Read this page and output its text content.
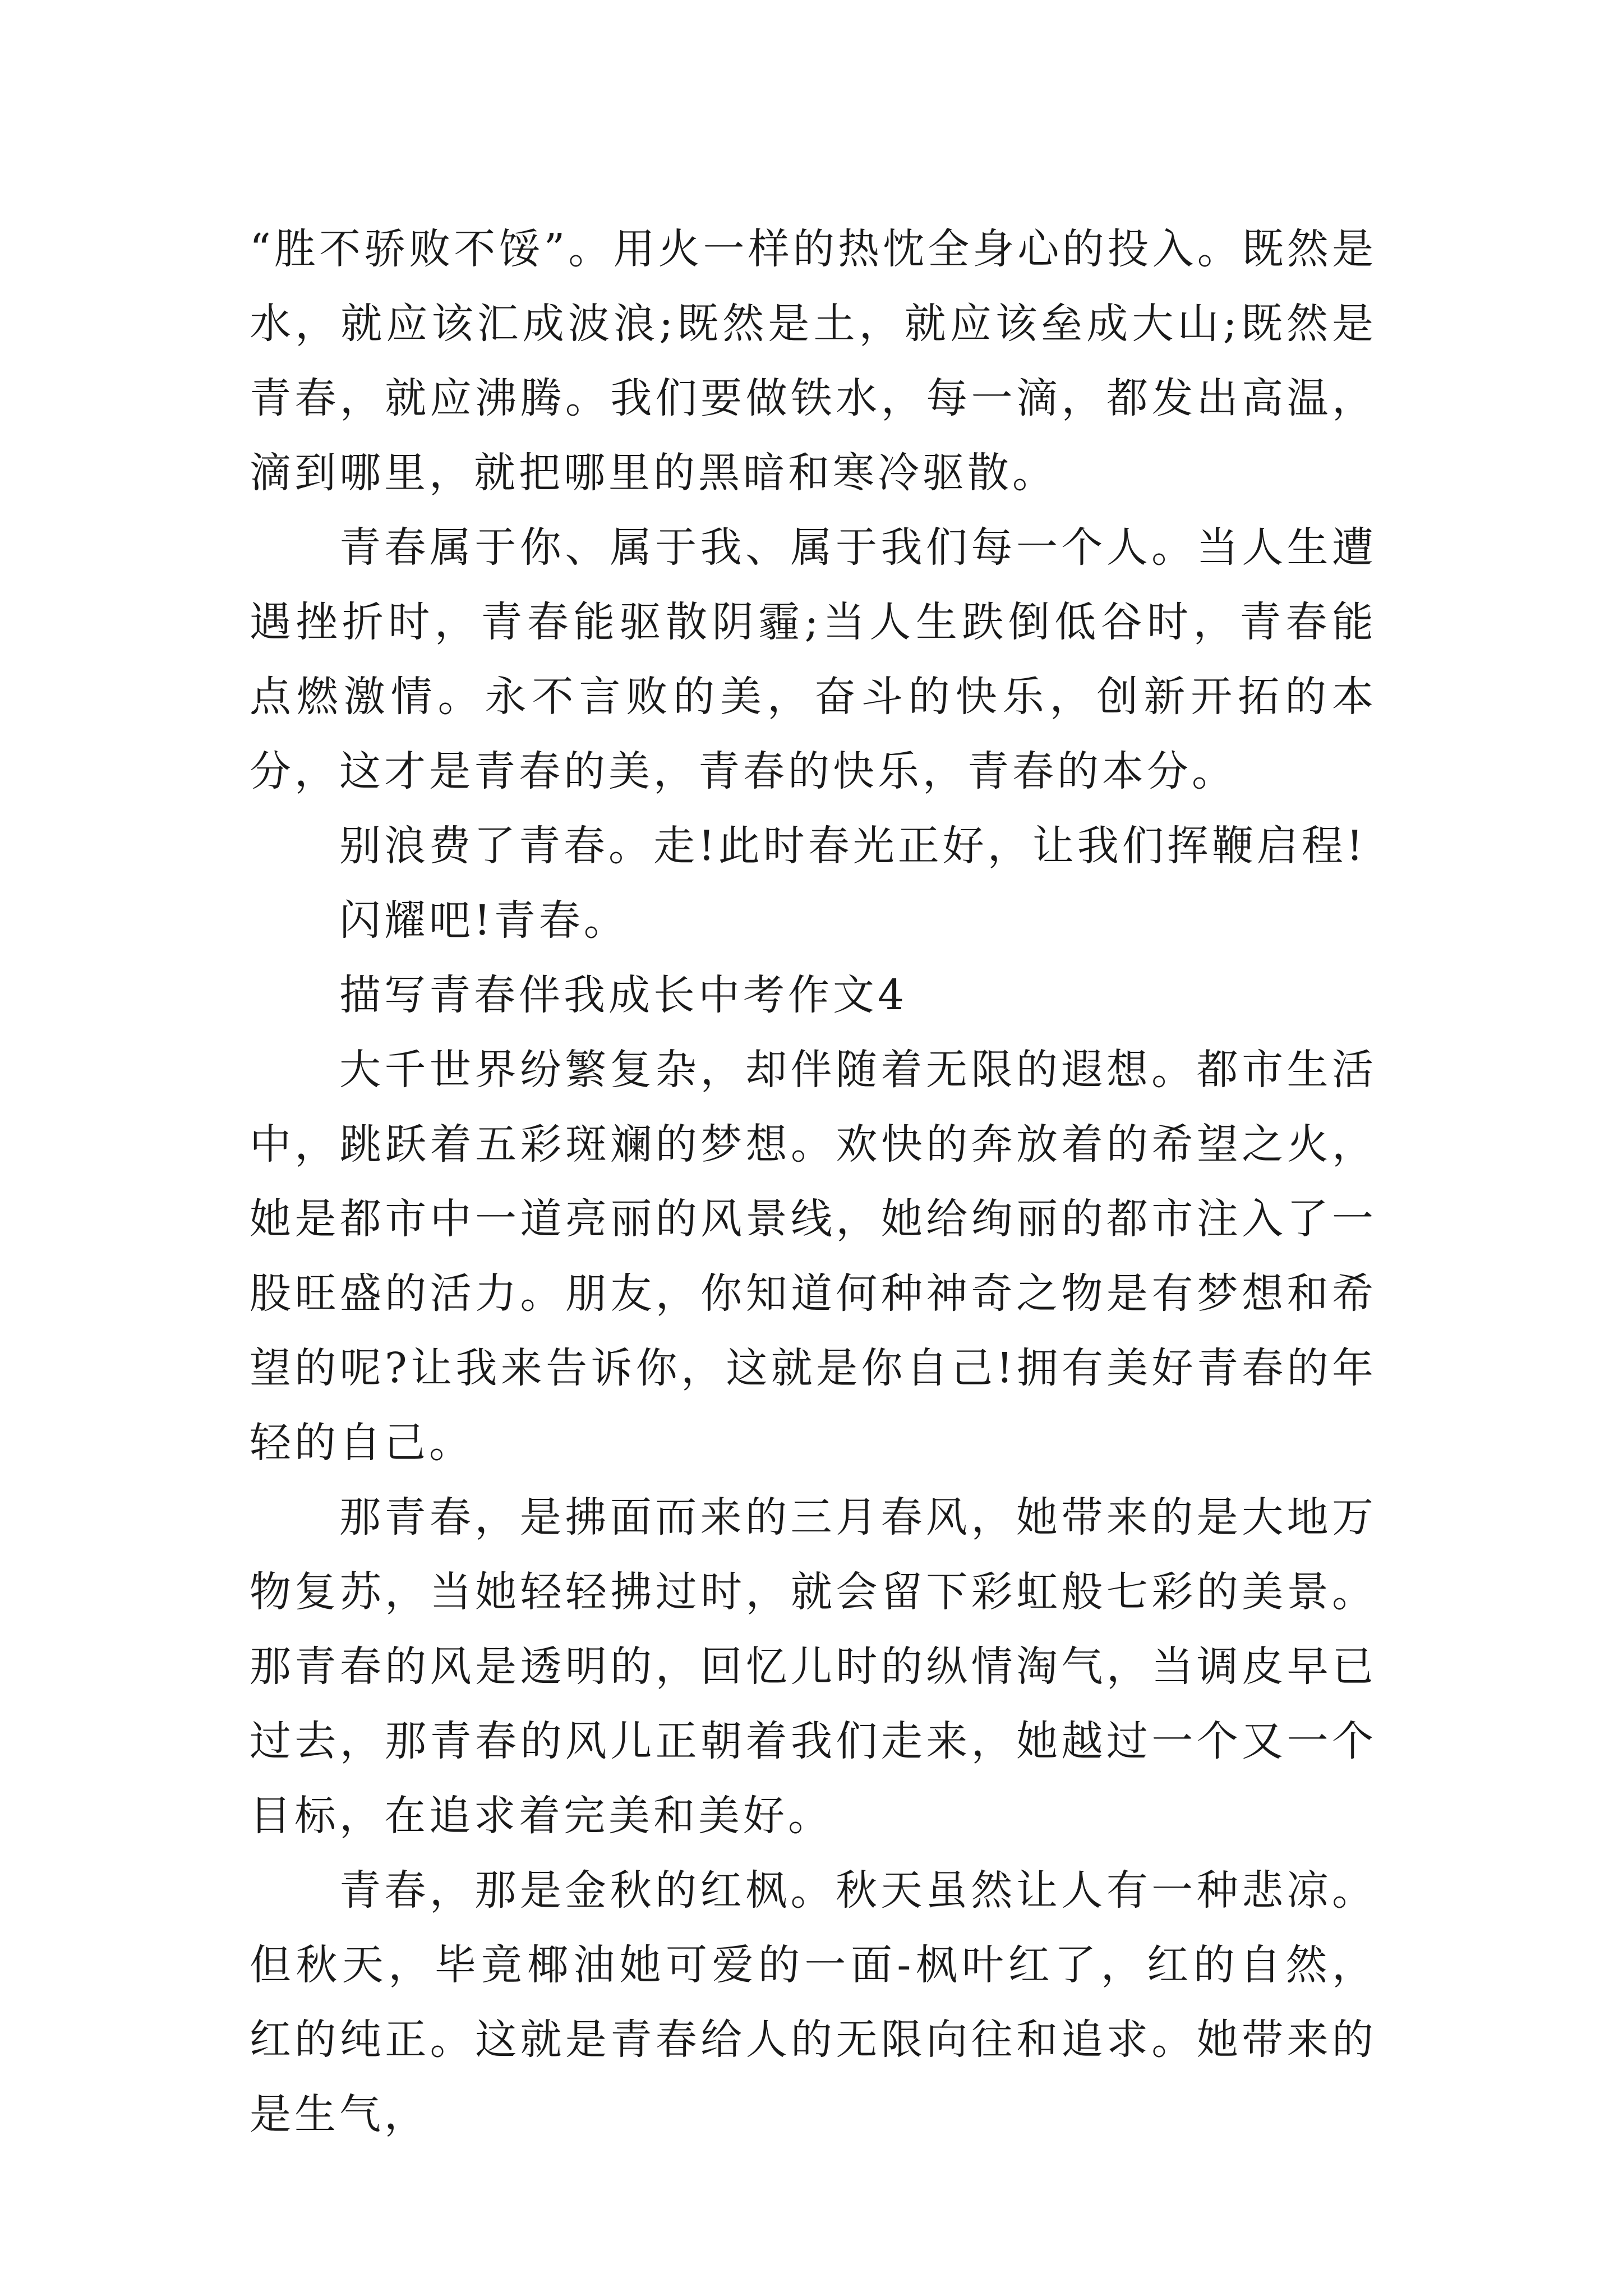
“胜不骄败不馁”。用火一样的热忱全身心的投入。既然是水，就应该汇成波浪;既然是土，就应该垒成大山;既然是青春，就应沸腾。我们要做铁水，每一滴，都发出高温，滴到哪里，就把哪里的黑暗和寒冷驱散。

青春属于你、属于我、属于我们每一个人。当人生遭遇挫折时，青春能驱散阴霾;当人生跌倒低谷时，青春能点燃激情。永不言败的美，奋斗的快乐，创新开拓的本分，这才是青春的美，青春的快乐，青春的本分。

别浪费了青春。走!此时春光正好，让我们挥鞭启程!

闪耀吧!青春。

描写青春伴我成长中考作文4

大千世界纷繁复杂，却伴随着无限的遐想。都市生活中，跳跃着五彩斑斓的梦想。欢快的奔放着的希望之火，她是都市中一道亮丽的风景线，她给绚丽的都市注入了一股旺盛的活力。朋友，你知道何种神奇之物是有梦想和希望的呢?让我来告诉你，这就是你自己!拥有美好青春的年轻的自己。

那青春，是拂面而来的三月春风，她带来的是大地万物复苏，当她轻轻拂过时，就会留下彩虹般七彩的美景。那青春的风是透明的，回忆儿时的纵情淘气，当调皮早已过去，那青春的风儿正朝着我们走来，她越过一个又一个目标，在追求着完美和美好。

青春，那是金秋的红枫。秋天虽然让人有一种悲凉。但秋天，毕竟椰油她可爱的一面-枫叶红了，红的自然，红的纯正。这就是青春给人的无限向往和追求。她带来的是生气，
